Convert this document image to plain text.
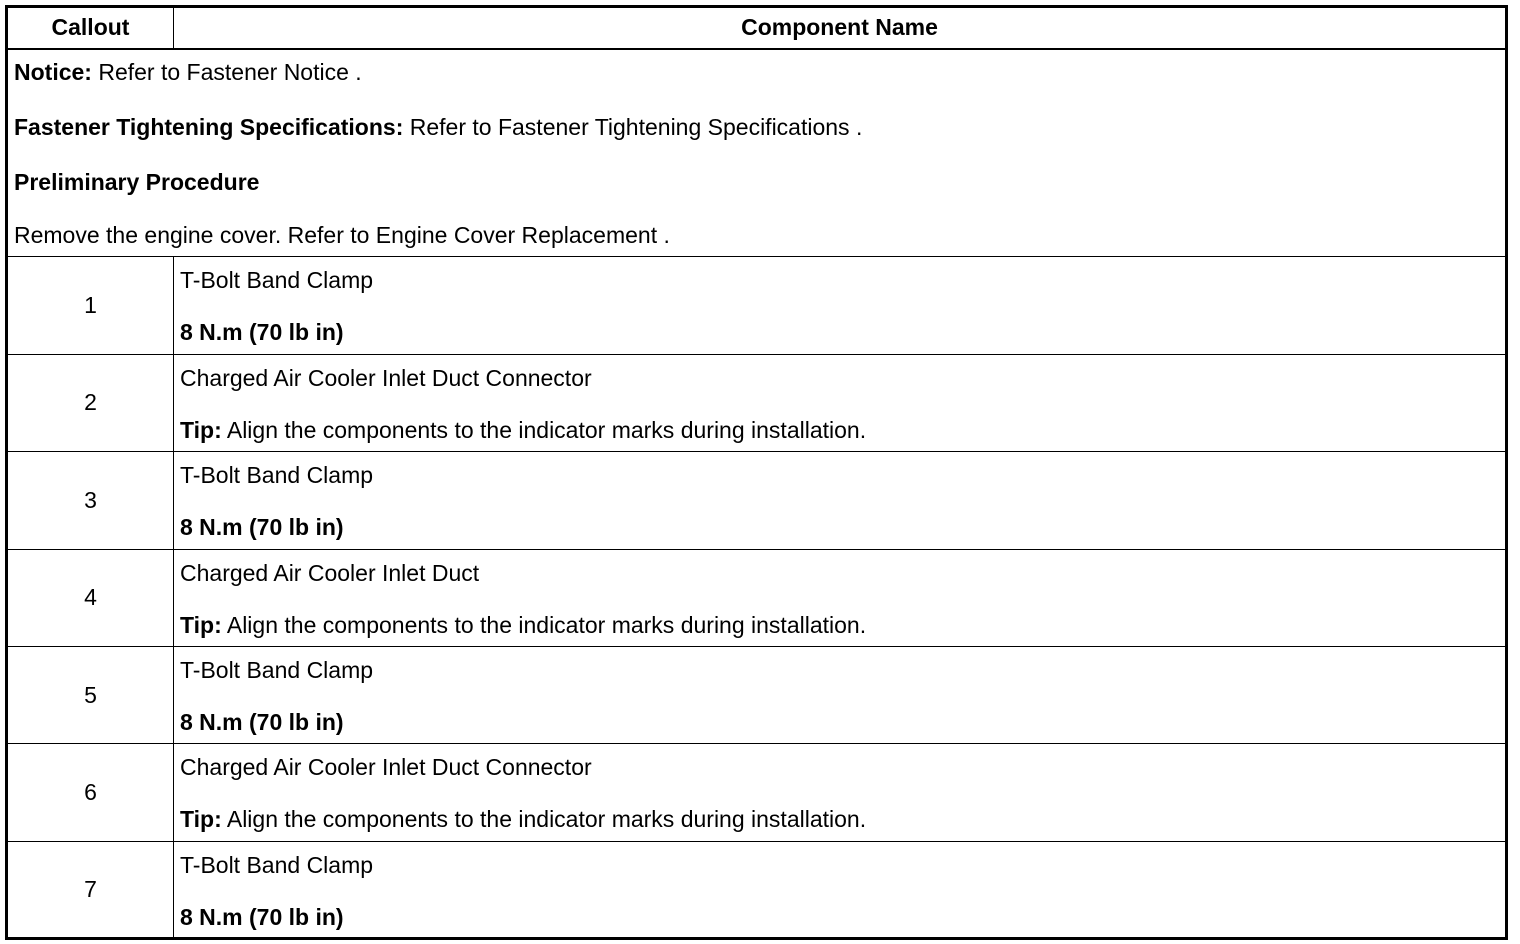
Callout	Component Name

Notice: Refer to Fastener Notice .
Fastener Tightening Specifications: Refer to Fastener Tightening Specifications .
Preliminary Procedure
Remove the engine cover. Refer to Engine Cover Replacement .	

1	T-Bolt Band Clamp
8 N.m (70 lb in)

2	Charged Air Cooler Inlet Duct Connector
Tip: Align the components to the indicator marks during installation.

3	T-Bolt Band Clamp
8 N.m (70 lb in)

4	Charged Air Cooler Inlet Duct
Tip: Align the components to the indicator marks during installation.

5	T-Bolt Band Clamp
8 N.m (70 lb in)

6	Charged Air Cooler Inlet Duct Connector
Tip: Align the components to the indicator marks during installation.

7	T-Bolt Band Clamp
8 N.m (70 lb in)
